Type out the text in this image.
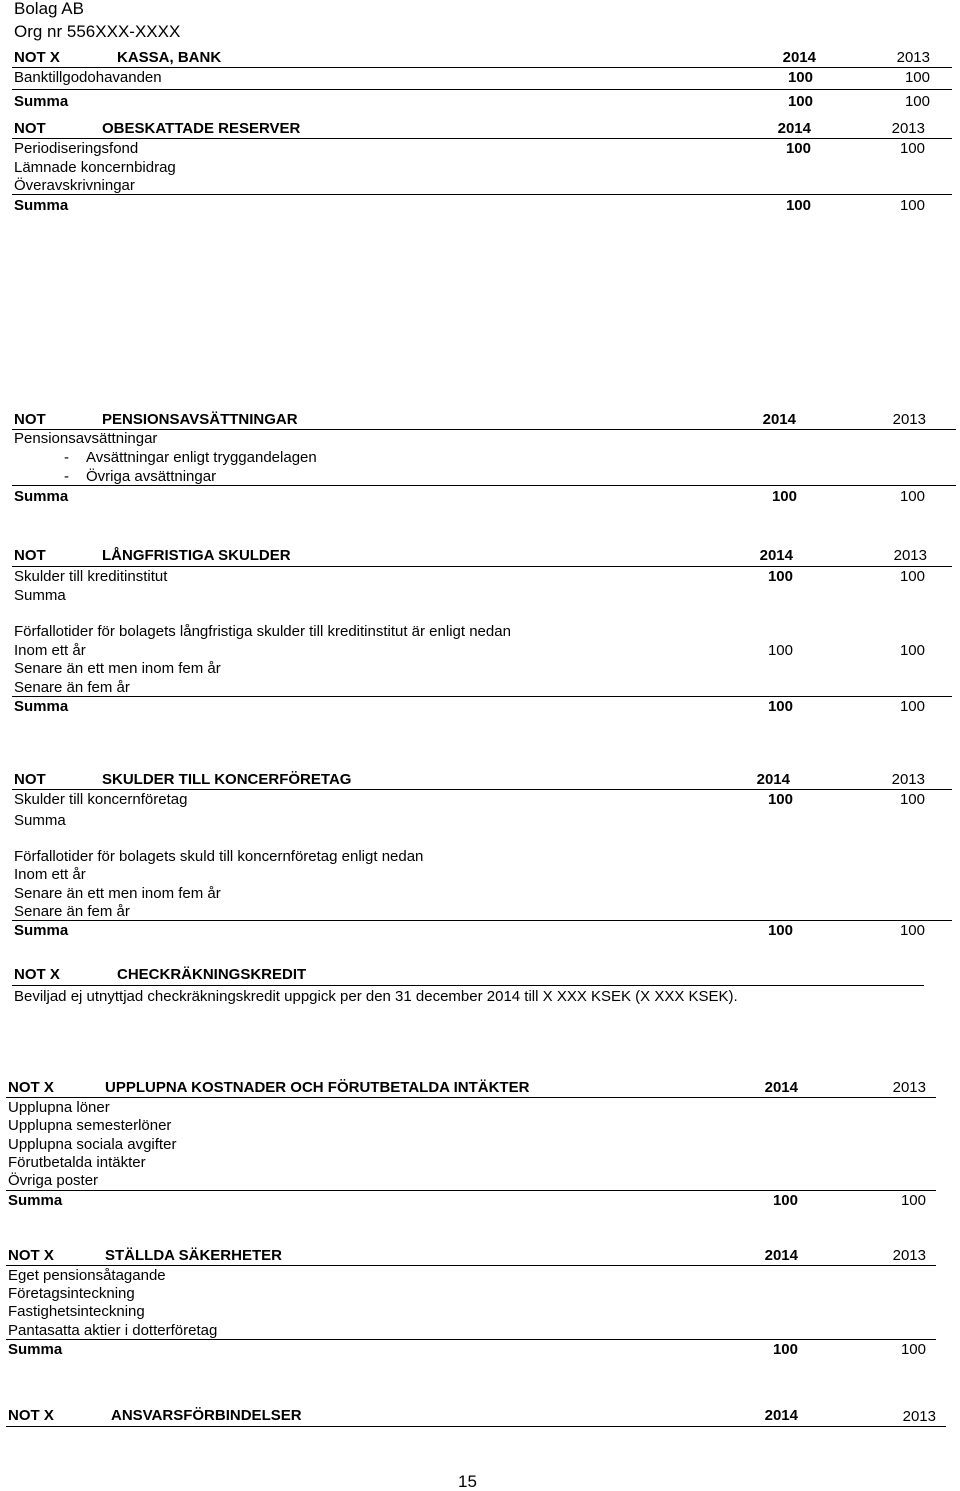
Bolag AB
Org nr 556XXX-XXXX
NOT X	KASSA, BANK	2014	2013
Banktillgodohavanden	100	100
Summa	100	100
NOT	OBESKATTADE RESERVER	2014	2013
Periodiseringsfond	100	100
Lämnade koncernbidrag
Överavskrivningar
Summa	100	100
NOT	PENSIONSAVSÄTTNINGAR	2014	2013
Pensionsavsättningar
- Avsättningar enligt tryggandelagen
- Övriga avsättningar
Summa	100	100
NOT	LÅNGFRISTIGA SKULDER	2014	2013
Skulder till kreditinstitut	100	100
Summa
Förfallotider för bolagets långfristiga skulder till kreditinstitut är enligt nedan
Inom ett år	100	100
Senare än ett men inom fem år
Senare än fem år
Summa	100	100
NOT	SKULDER TILL KONCERFÖRETAG	2014	2013
Skulder till koncernföretag	100	100
Summa
Förfallotider för bolagets skuld till koncernföretag enligt nedan
Inom ett år
Senare än ett men inom fem år
Senare än fem år
Summa	100	100
NOT X	CHECKRÄKNINGSKREDIT
Beviljad ej utnyttjad checkräkningskredit uppgick per den 31 december 2014 till X XXX KSEK (X XXX KSEK).
NOT X	UPPLUPNA KOSTNADER OCH FÖRUTBETALDA INTÄKTER	2014	2013
Upplupna löner
Upplupna semesterlöner
Upplupna sociala avgifter
Förutbetalda intäkter
Övriga poster
Summa	100	100
NOT X	STÄLLDA SÄKERHETER	2014	2013
Eget pensionsåtagande
Företagsinteckning
Fastighetsinteckning
Pantasatta aktier i dotterföretag
Summa	100	100
NOT X	ANSVARSFÖRBINDELSER	2014	2013
15
